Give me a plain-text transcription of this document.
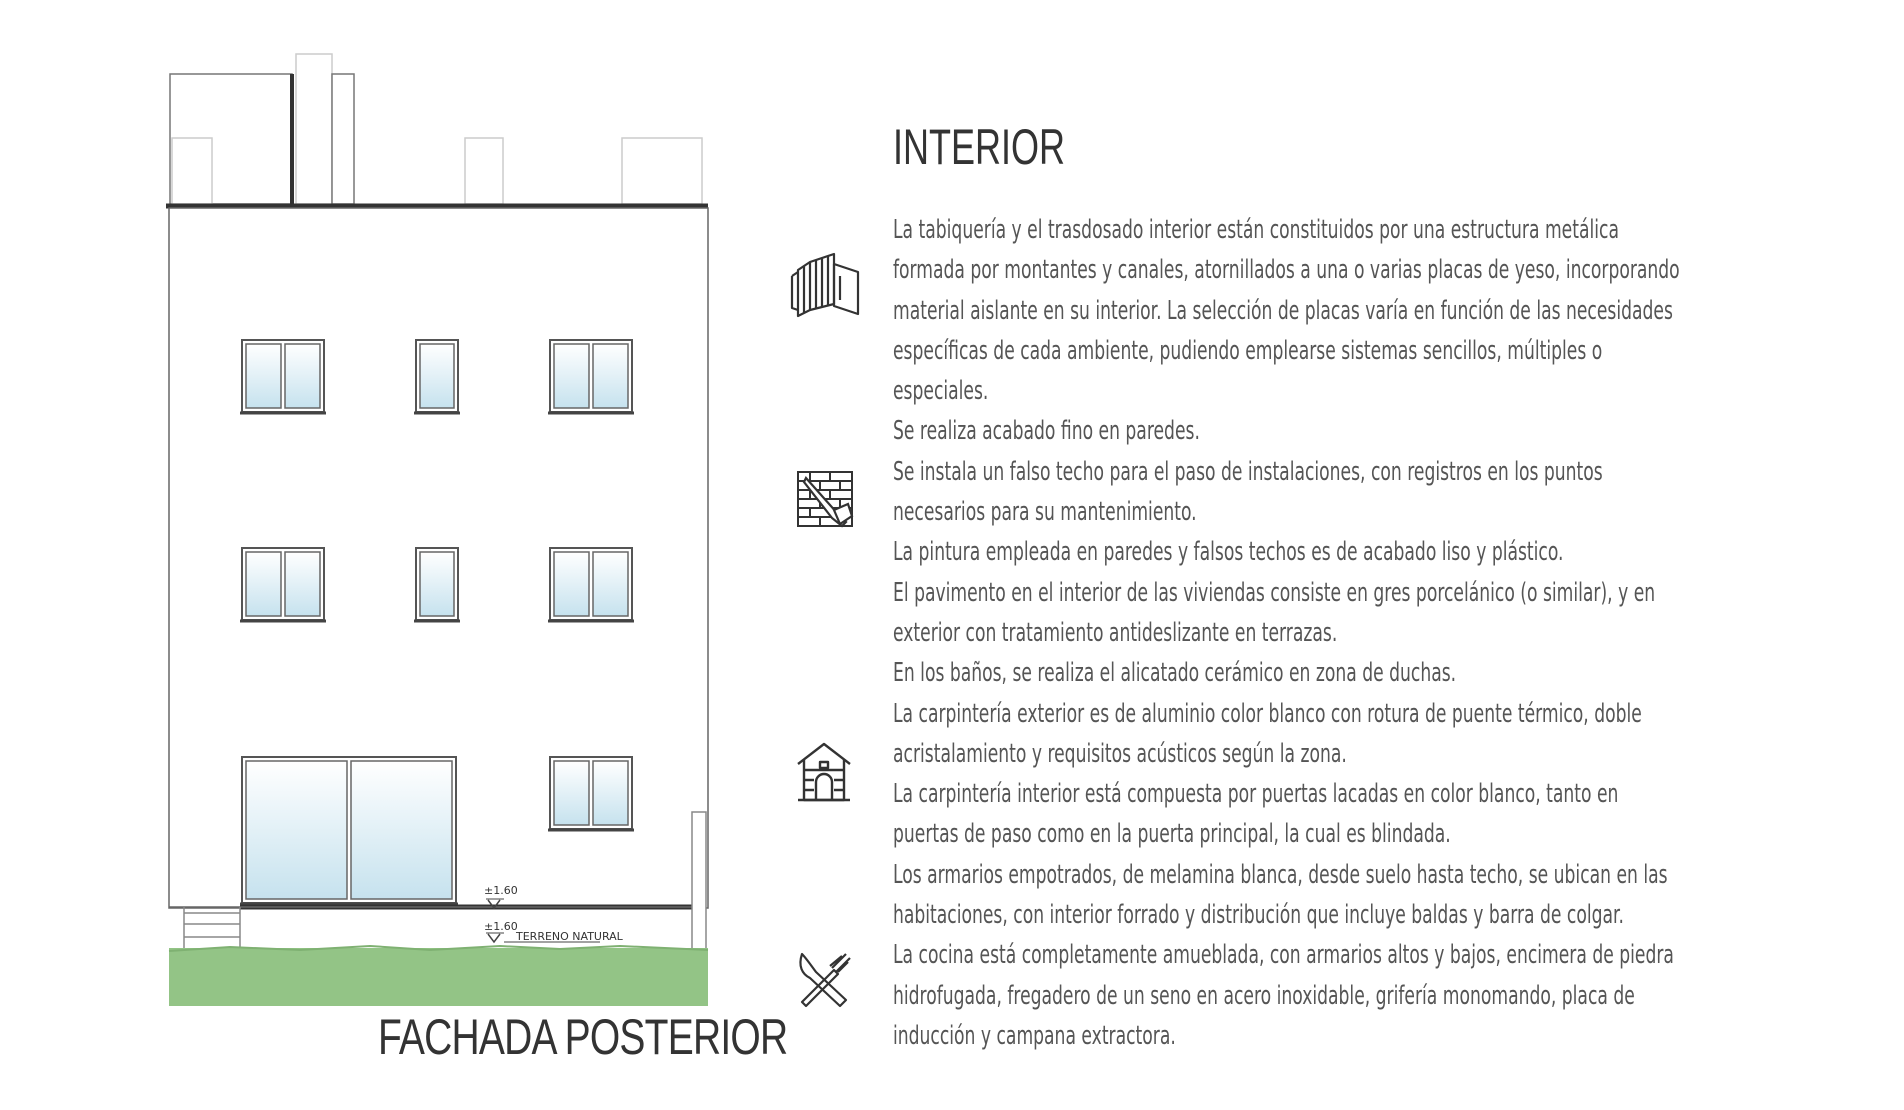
±1.60
±1.60
TERRENO NATURAL
FACHADA POSTERIOR
INTERIOR
La tabiquería y el trasdosado interior están constituidos por una estructura metálica
formada por montantes y canales, atornillados a una o varias placas de yeso, incorporando
material aislante en su interior. La selección de placas varía en función de las necesidades
específicas de cada ambiente, pudiendo emplearse sistemas sencillos, múltiples o
especiales.
Se realiza acabado fino en paredes.
Se instala un falso techo para el paso de instalaciones, con registros en los puntos
necesarios para su mantenimiento.
La pintura empleada en paredes y falsos techos es de acabado liso y plástico.
El pavimento en el interior de las viviendas consiste en gres porcelánico (o similar), y en
exterior con tratamiento antideslizante en terrazas.
En los baños, se realiza el alicatado cerámico en zona de duchas.
La carpintería exterior es de aluminio color blanco con rotura de puente térmico, doble
acristalamiento y requisitos acústicos según la zona.
La carpintería interior está compuesta por puertas lacadas en color blanco, tanto en
puertas de paso como en la puerta principal, la cual es blindada.
Los armarios empotrados, de melamina blanca, desde suelo hasta techo, se ubican en las
habitaciones, con interior forrado y distribución que incluye baldas y barra de colgar.
La cocina está completamente amueblada, con armarios altos y bajos, encimera de piedra
hidrofugada, fregadero de un seno en acero inoxidable, grifería monomando, placa de
inducción y campana extractora.
